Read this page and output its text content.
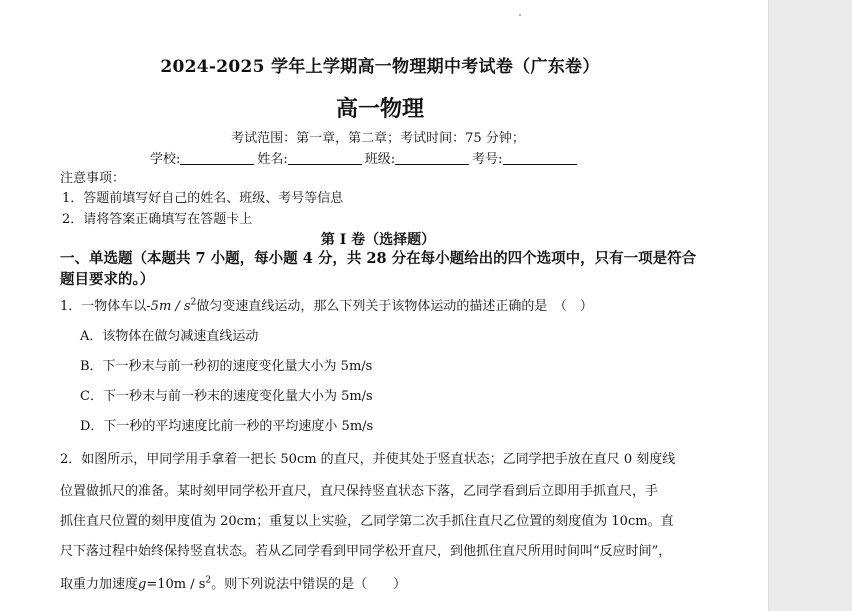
2024-2025 学年上学期高一物理期中考试卷（广东卷）
高一物理
考试范围：第一章，第二章；考试时间：75 分钟；
学校:	姓名:	班级:	考号:
注意事项：
1．答题前填写好自己的姓名、班级、考号等信息
2．请将答案正确填写在答题卡上
第 I 卷（选择题）
一、单选题（本题共 7 小题，每小题 4 分，共 28 分在每小题给出的四个选项中，只有一项是符合题目要求的。）
1．一物体车以$-5m / s^2$做匀变速直线运动，那么下列关于该物体运动的描述正确的是　（　）
A．该物体在做匀减速直线运动
B．下一秒末与前一秒初的速度变化量大小为 5m/s
C．下一秒末与前一秒末的速度变化量大小为 5m/s
D．下一秒的平均速度比前一秒的平均速度小 5m/s
2．如图所示，甲同学用手拿着一把长 50cm 的直尺，并使其处于竖直状态；乙同学把手放在直尺 0 刻度线
位置做抓尺的准备。某时刻甲同学松开直尺，直尺保持竖直状态下落，乙同学看到后立即用手抓直尺，手
抓住直尺位置的刻甲度值为 20cm；重复以上实验，乙同学第二次手抓住直尺乙位置的刻度值为 10cm。直
尺下落过程中始终保持竖直状态。若从乙同学看到甲同学松开直尺，到他抓住直尺所用时间叫“反应时间”，
取重力加速度$g=10m / s^2$。则下列说法中错误的是（　　）
